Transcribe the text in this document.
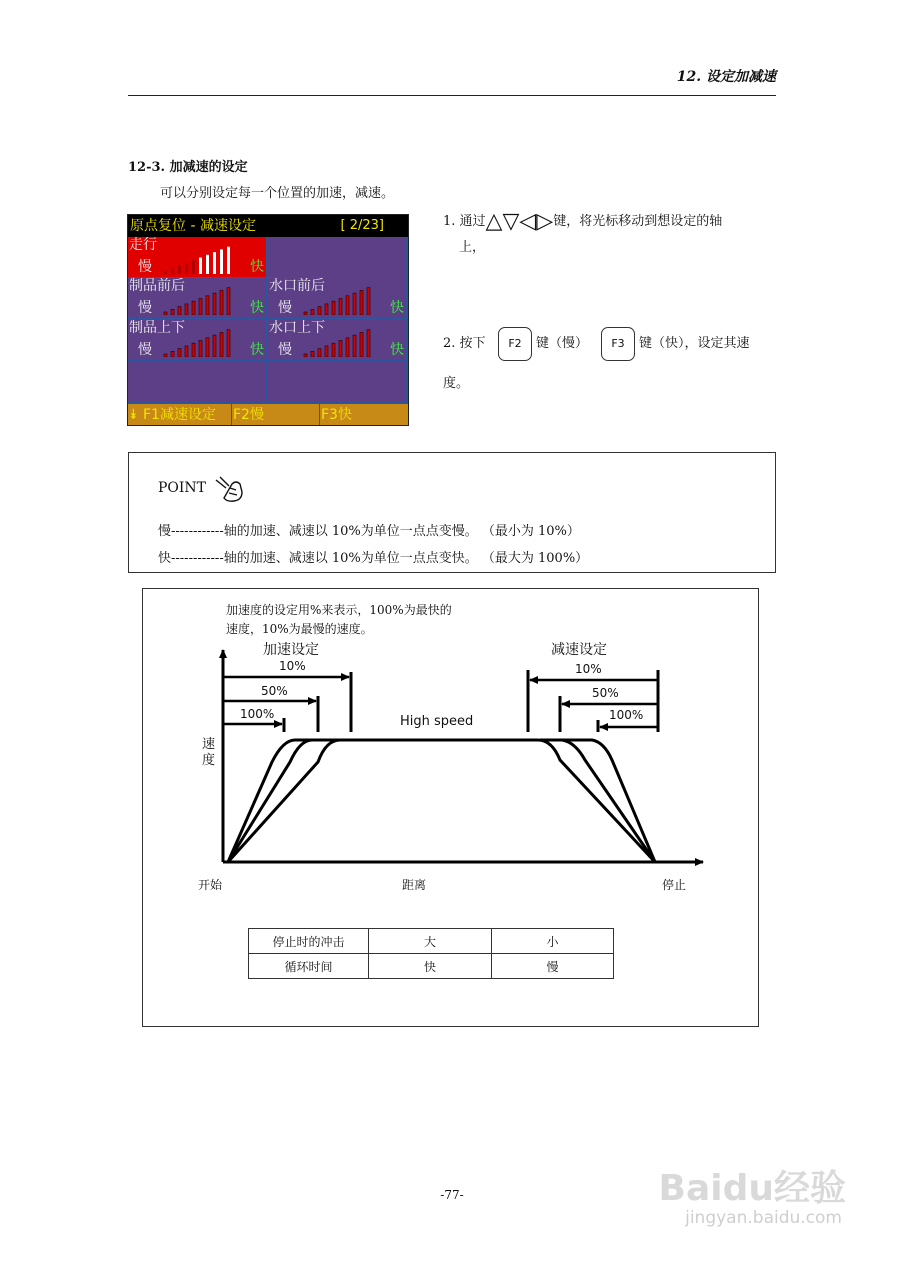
12. 设定加减速
12-3. 加减速的设定
可以分别设定每一个位置的加速，减速。
原点复位 - 减速设定	[ 2/23]
走行
慢	快
制品前后
慢	快
水口前后
慢	快
制品上下
慢	快
水口上下
慢	快
⯯ F1减速设定 F2慢	F3快
1. 通过△▽◁▷键，将光标移动到想设定的轴
上，
2. 按下	F2	键（慢）	F3	键（快），设定其速
度。
POINT
慢------------轴的加速、减速以 10%为单位一点点变慢。 （最小为 10%）
快------------轴的加速、减速以 10%为单位一点点变快。 （最大为 100%）
加速度的设定用%来表示，100%为最快的
速度，10%为最慢的速度。
加速设定	减速设定
10%
50%
100%
10%
50%
100%
High speed
速度
开始	距离	停止
停止时的冲击	大	小
循环时间	快	慢
-77-	Baidu经验
jingyan.baidu.com
